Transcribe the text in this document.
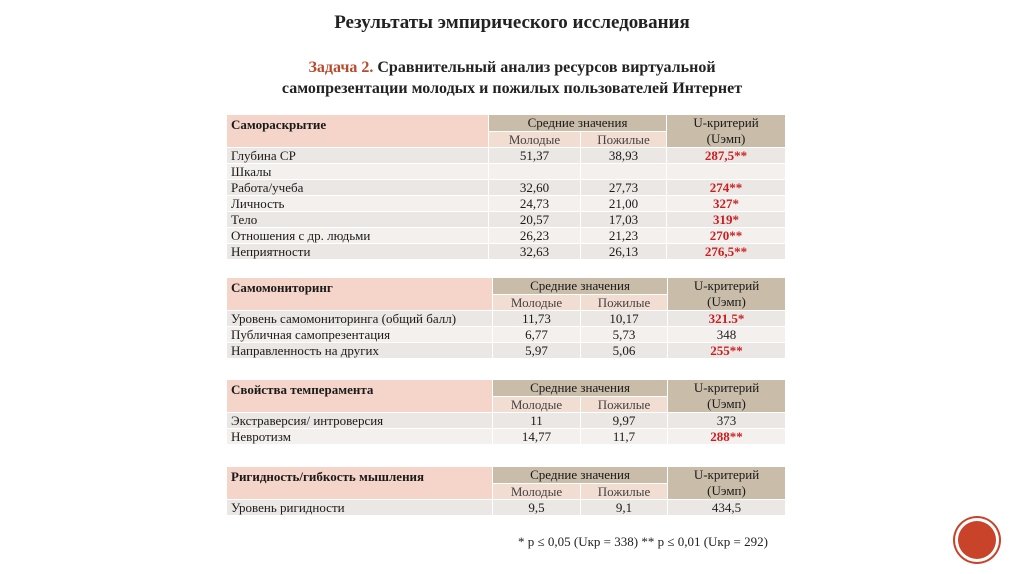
Результаты эмпирического исследования
Задача 2. Сравнительный анализ ресурсов виртуальной
самопрезентации молодых и пожилых пользователей Интернет
Самораскрытие	Средние значения		U-критерий
(Uэмп)
	Молодые	Пожилые	
Глубина СР	51,37	38,93	287,5**
Шкалы			
Работа/учеба	32,60	27,73	274**
Личность	24,73	21,00	327*
Тело	20,57	17,03	319*
Отношения с др. людьми	26,23	21,23	270**
Неприятности	32,63	26,13	276,5**
Самомониторинг	Средние значения		U-критерий
(Uэмп)
	Молодые	Пожилые	
Уровень самомониторинга (общий балл)	11,73	10,17	321.5*
Публичная самопрезентация	6,77	5,73	348
Направленность на других	5,97	5,06	255**
Свойства темперамента	Средние значения		U-критерий
(Uэмп)
	Молодые	Пожилые	
Экстраверсия/ интроверсия	11	9,97	373
Невротизм	14,77	11,7	288**
Ригидность/гибкость мышления	Средние значения		U-критерий
(Uэмп)
	Молодые	Пожилые	
Уровень ригидности	9,5	9,1	434,5
* р ≤ 0,05 (Uкр = 338) ** р ≤ 0,01 (Uкр = 292)
